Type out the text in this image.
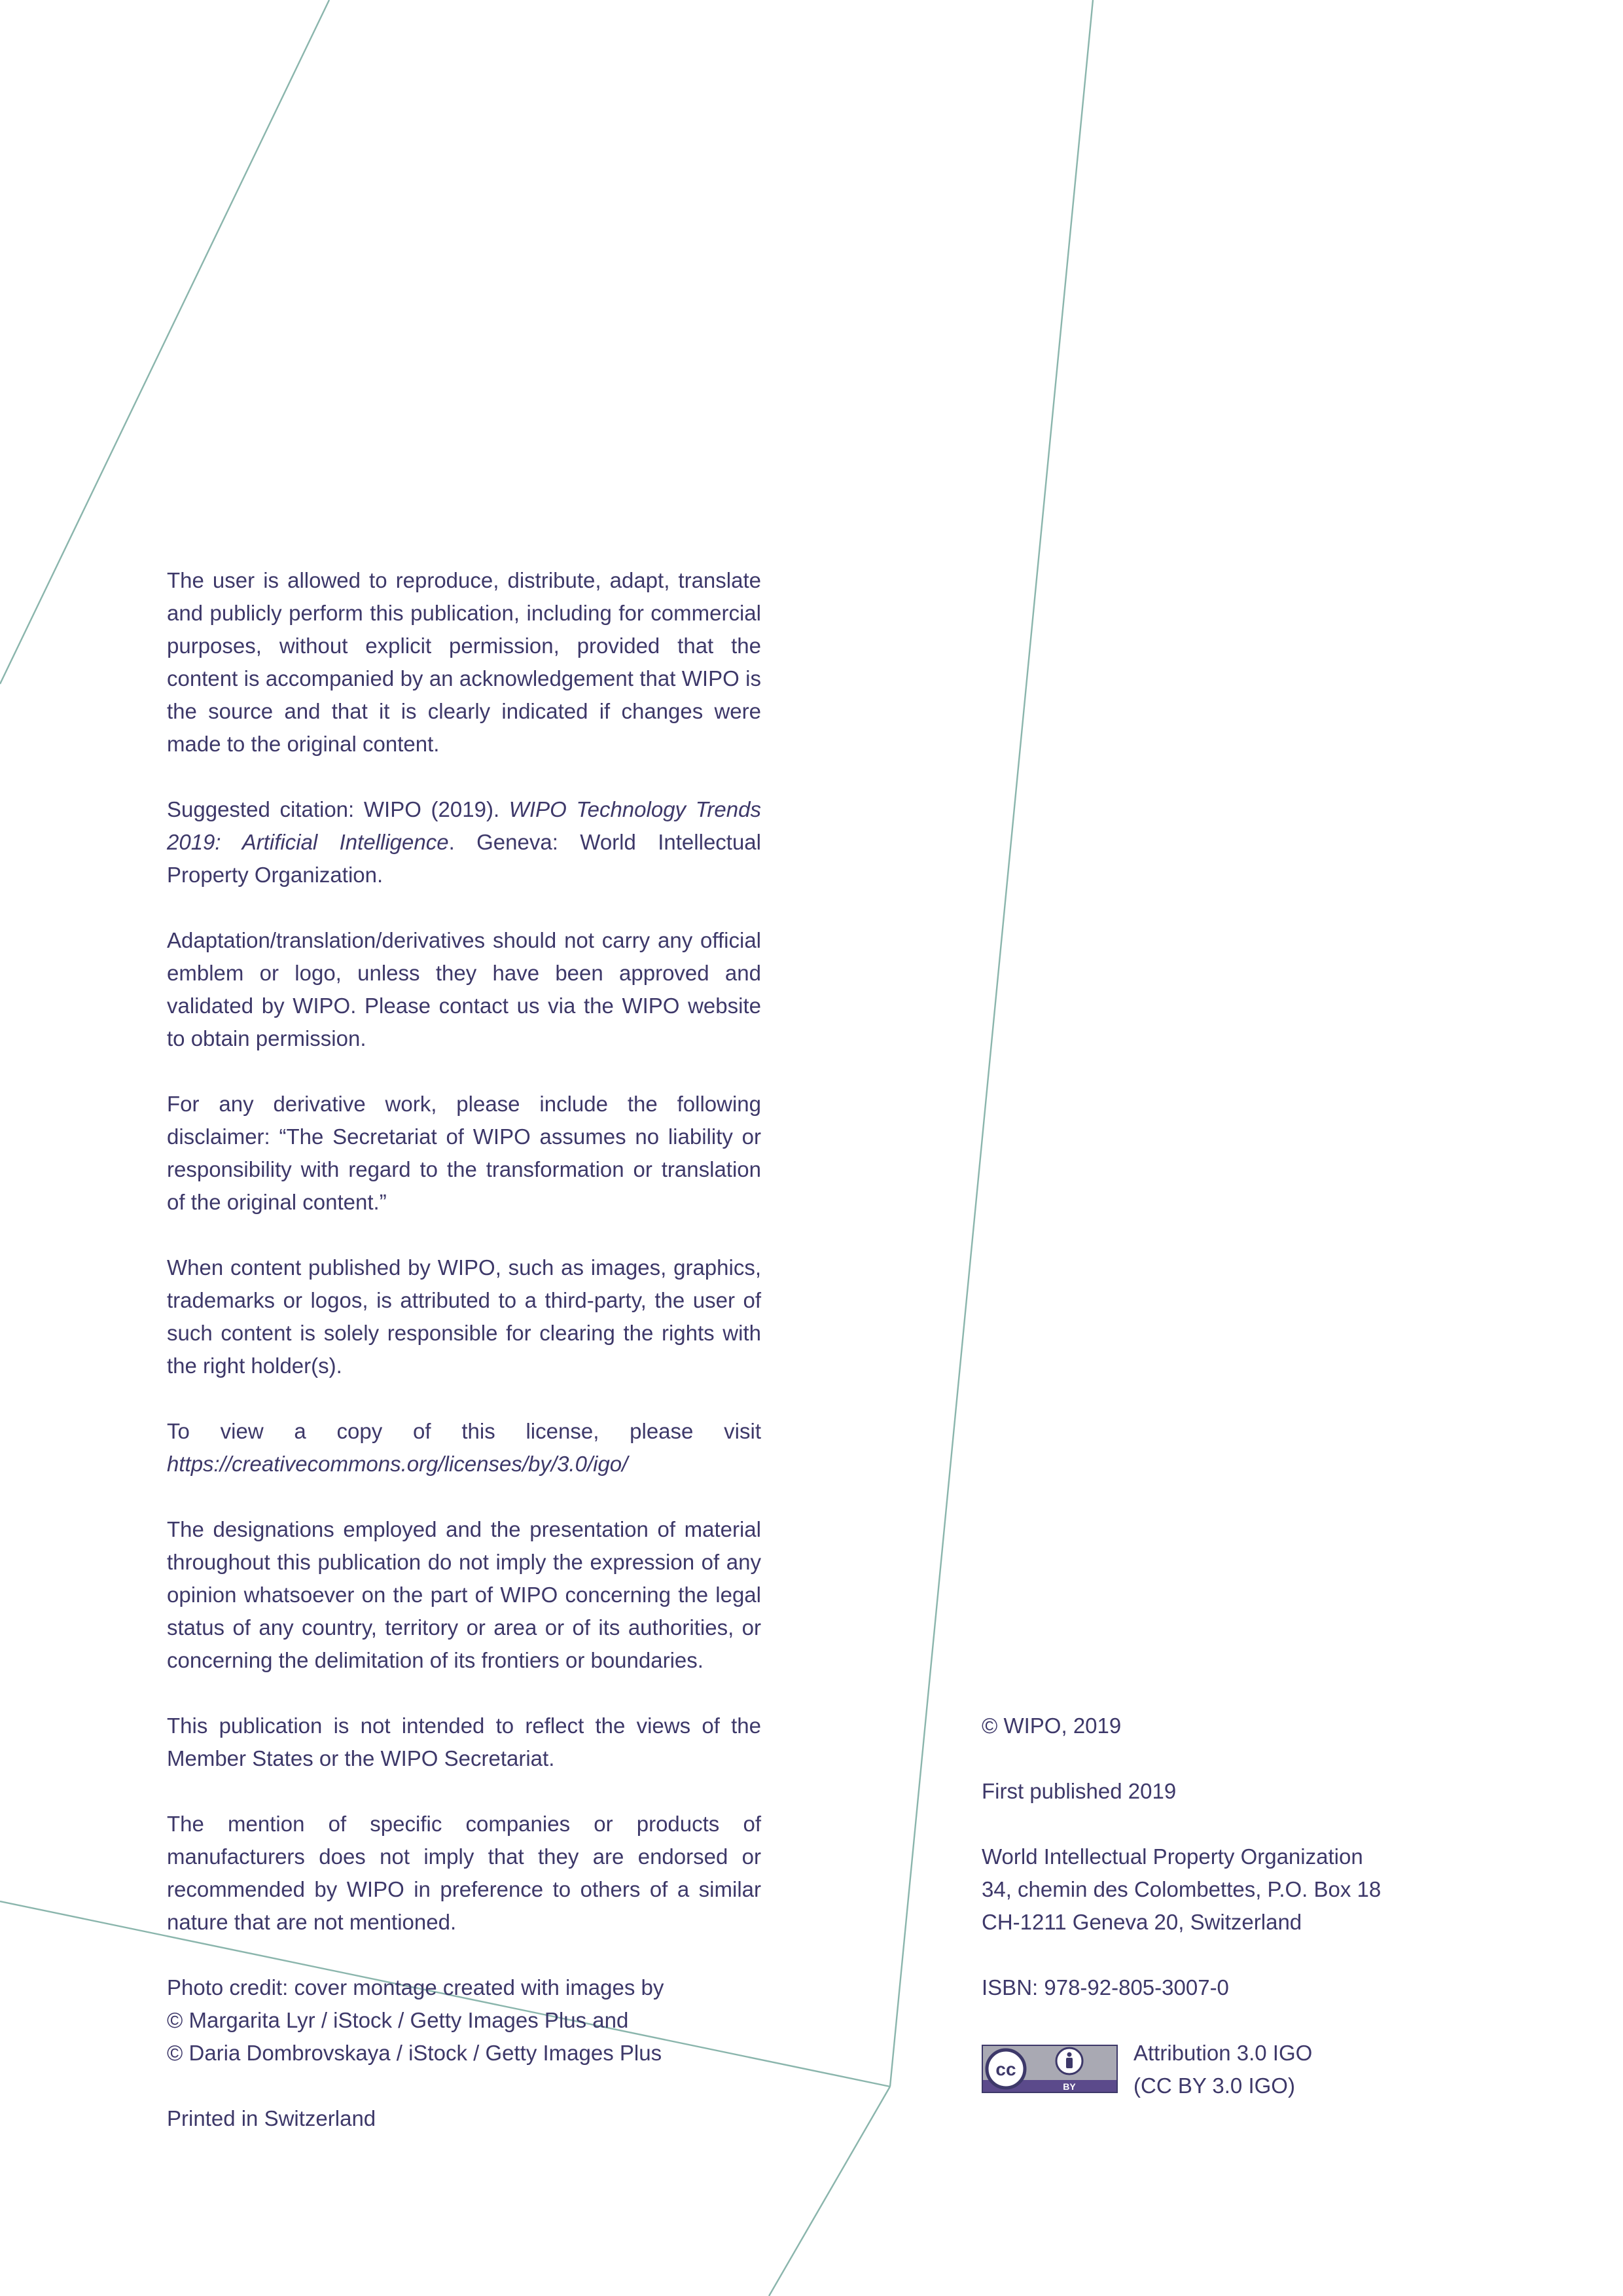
The user is allowed to reproduce, distribute, adapt, translate and publicly perform this publication, including for commercial purposes, without explicit permission, provided that the content is accompanied by an acknowledgement that WIPO is the source and that it is clearly indicated if changes were made to the original content.

Suggested citation: WIPO (2019). WIPO Technology Trends 2019: Artificial Intelligence. Geneva: World Intellectual Property Organization.

Adaptation/translation/derivatives should not carry any official emblem or logo, unless they have been approved and validated by WIPO. Please contact us via the WIPO website to obtain permission.

For any derivative work, please include the following disclaimer: “The Secretariat of WIPO assumes no liability or responsibility with regard to the transformation or translation of the original content.”

When content published by WIPO, such as images, graphics, trademarks or logos, is attributed to a third-party, the user of such content is solely responsible for clearing the rights with the right holder(s).

To view a copy of this license, please visit https://creativecommons.org/licenses/by/3.0/igo/

The designations employed and the presentation of material throughout this publication do not imply the expression of any opinion whatsoever on the part of WIPO concerning the legal status of any country, territory or area or of its authorities, or concerning the delimitation of its frontiers or boundaries.

This publication is not intended to reflect the views of the Member States or the WIPO Secretariat.

The mention of specific companies or products of manufacturers does not imply that they are endorsed or recommended by WIPO in preference to others of a similar nature that are not mentioned.

Photo credit: cover montage created with images by
© Margarita Lyr / iStock / Getty Images Plus and
© Daria Dombrovskaya / iStock / Getty Images Plus

Printed in Switzerland

© WIPO, 2019

First published 2019

World Intellectual Property Organization
34, chemin des Colombettes, P.O. Box 18
CH-1211 Geneva 20, Switzerland

ISBN: 978-92-805-3007-0

cc
BY
Attribution 3.0 IGO
(CC BY 3.0 IGO)
